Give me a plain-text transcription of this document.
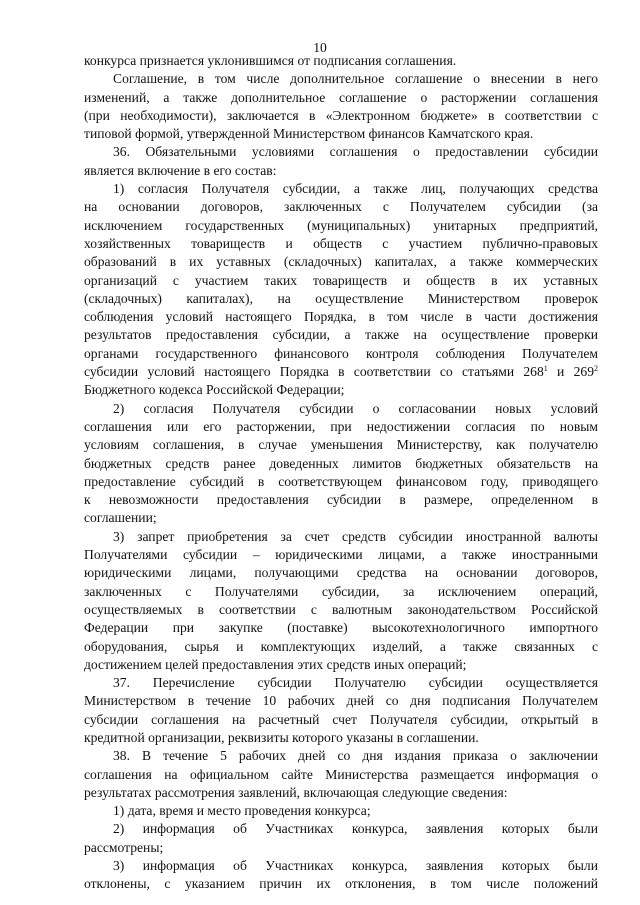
10
конкурса признается уклонившимся от подписания соглашения.
Соглашение, в том числе дополнительное соглашение о внесении в него
изменений, а также дополнительное соглашение о расторжении соглашения
(при необходимости), заключается в «Электронном бюджете» в соответствии с
типовой формой, утвержденной Министерством финансов Камчатского края.
36. Обязательными условиями соглашения о предоставлении субсидии
является включение в его состав:
1) согласия Получателя субсидии, а также лиц, получающих средства
на основании договоров, заключенных с Получателем субсидии (за
исключением государственных (муниципальных) унитарных предприятий,
хозяйственных товариществ и обществ с участием публично-правовых
образований в их уставных (складочных) капиталах, а также коммерческих
организаций с участием таких товариществ и обществ в их уставных
(складочных) капиталах), на осуществление Министерством проверок
соблюдения условий настоящего Порядка, в том числе в части достижения
результатов предоставления субсидии, а также на осуществление проверки
органами государственного финансового контроля соблюдения Получателем
субсидии условий настоящего Порядка в соответствии со статьями $268^1$ и $269^2$
Бюджетного кодекса Российской Федерации;
2) согласия Получателя субсидии о согласовании новых условий
соглашения или его расторжении, при недостижении согласия по новым
условиям соглашения, в случае уменьшения Министерству, как получателю
бюджетных средств ранее доведенных лимитов бюджетных обязательств на
предоставление субсидий в соответствующем финансовом году, приводящего
к невозможности предоставления субсидии в размере, определенном в
соглашении;
3) запрет приобретения за счет средств субсидии иностранной валюты
Получателями субсидии – юридическими лицами, а также иностранными
юридическими лицами, получающими средства на основании договоров,
заключенных с Получателями субсидии, за исключением операций,
осуществляемых в соответствии с валютным законодательством Российской
Федерации при закупке (поставке) высокотехнологичного импортного
оборудования, сырья и комплектующих изделий, а также связанных с
достижением целей предоставления этих средств иных операций;
37. Перечисление субсидии Получателю субсидии осуществляется
Министерством в течение 10 рабочих дней со дня подписания Получателем
субсидии соглашения на расчетный счет Получателя субсидии, открытый в
кредитной организации, реквизиты которого указаны в соглашении.
38. В течение 5 рабочих дней со дня издания приказа о заключении
соглашения на официальном сайте Министерства размещается информация о
результатах рассмотрения заявлений, включающая следующие сведения:
1) дата, время и место проведения конкурса;
2) информация об Участниках конкурса, заявления которых были
рассмотрены;
3) информация об Участниках конкурса, заявления которых были
отклонены, с указанием причин их отклонения, в том числе положений
